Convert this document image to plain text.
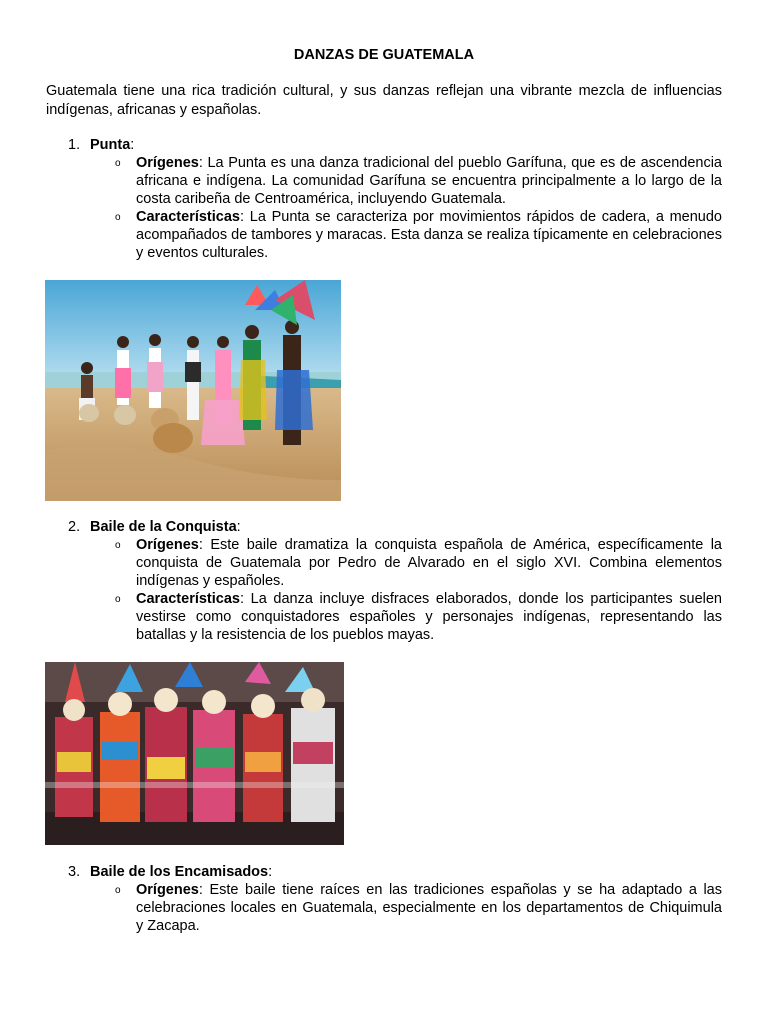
DANZAS DE GUATEMALA
Guatemala tiene una rica tradición cultural, y sus danzas reflejan una vibrante mezcla de influencias indígenas, africanas y españolas.
1. Punta:
o Orígenes: La Punta es una danza tradicional del pueblo Garífuna, que es de ascendencia africana e indígena. La comunidad Garífuna se encuentra principalmente a lo largo de la costa caribeña de Centroamérica, incluyendo Guatemala.
o Características: La Punta se caracteriza por movimientos rápidos de cadera, a menudo acompañados de tambores y maracas. Esta danza se realiza típicamente en celebraciones y eventos culturales.
2. Baile de la Conquista:
o Orígenes: Este baile dramatiza la conquista española de América, específicamente la conquista de Guatemala por Pedro de Alvarado en el siglo XVI. Combina elementos indígenas y españoles.
o Características: La danza incluye disfraces elaborados, donde los participantes suelen vestirse como conquistadores españoles y personajes indígenas, representando las batallas y la resistencia de los pueblos mayas.
3. Baile de los Encamisados:
o Orígenes: Este baile tiene raíces en las tradiciones españolas y se ha adaptado a las celebraciones locales en Guatemala, especialmente en los departamentos de Chiquimula y Zacapa.
